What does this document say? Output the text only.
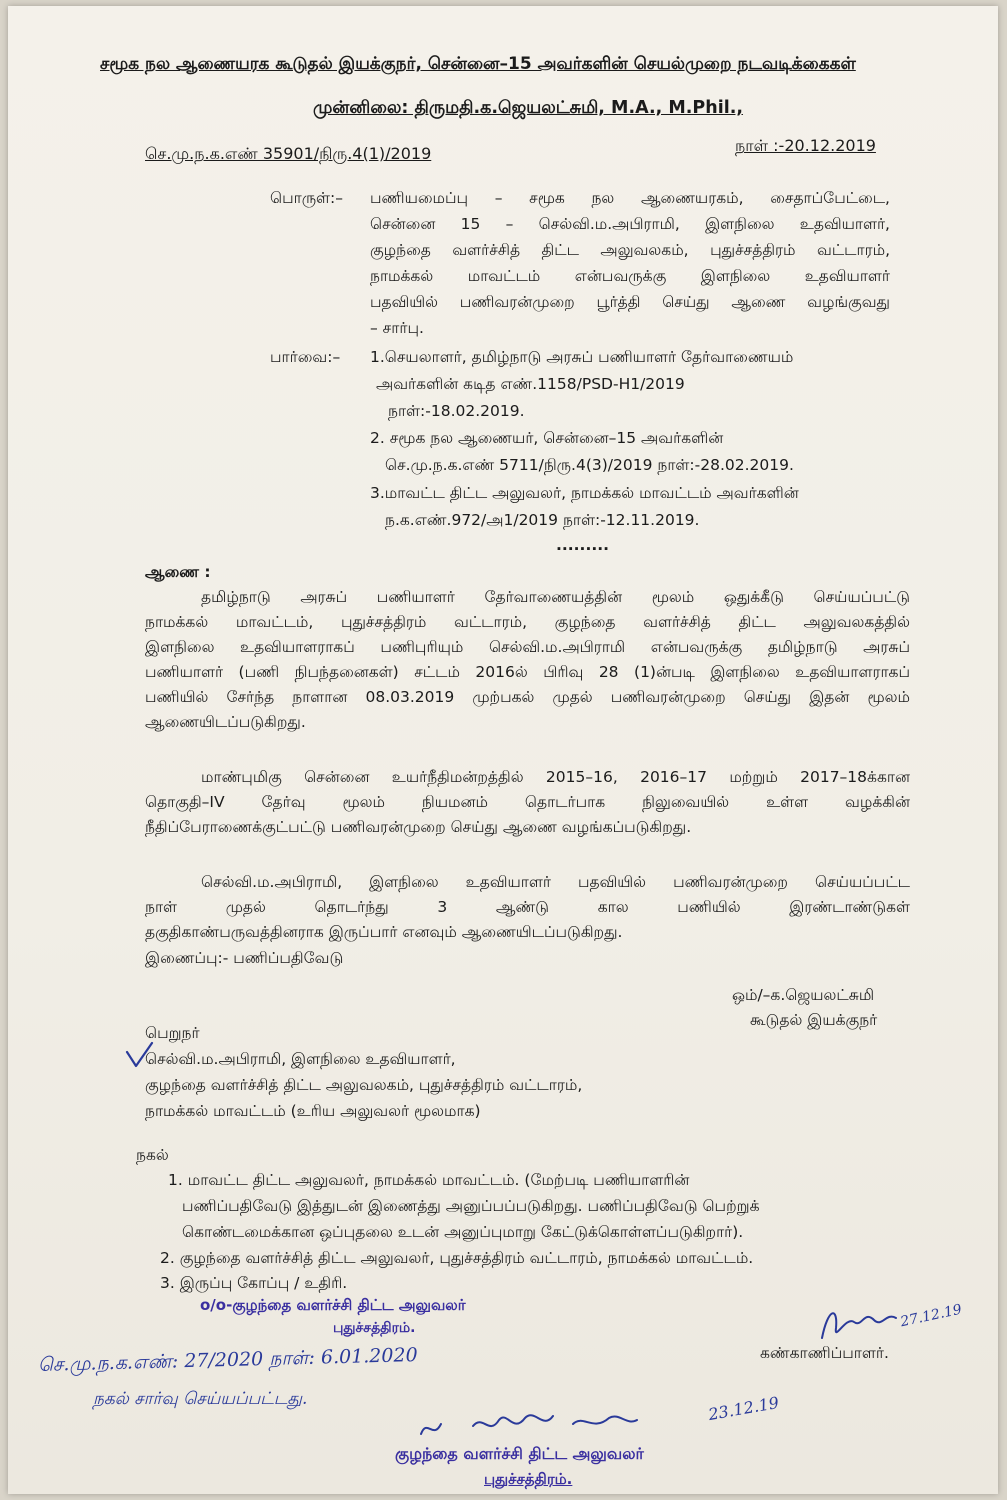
சமூக நல ஆணையரக கூடுதல் இயக்குநர், சென்னை–15 அவர்களின் செயல்முறை நடவடிக்கைகள்
முன்னிலை: திருமதி.க.ஜெயலட்சுமி, M.A., M.Phil.,
செ.மு.ந.க.எண் 35901/நிரு.4(1)/2019	நாள் :-20.12.2019
பொருள்:– பணியமைப்பு – சமூக நல ஆணையரகம், சைதாப்பேட்டை,
சென்னை 15 – செல்வி.ம.அபிராமி, இளநிலை உதவியாளர்,
குழந்தை வளர்ச்சித் திட்ட அலுவலகம், புதுச்சத்திரம் வட்டாரம்,
நாமக்கல் மாவட்டம் என்பவருக்கு இளநிலை உதவியாளர்
பதவியில் பணிவரன்முறை பூர்த்தி செய்து ஆணை வழங்குவது
– சார்பு.
பார்வை:– 1.செயலாளர், தமிழ்நாடு அரசுப் பணியாளர் தேர்வாணையம்
அவர்களின் கடித எண்.1158/PSD-H1/2019
நாள்:-18.02.2019.
2. சமூக நல ஆணையர், சென்னை–15 அவர்களின்
செ.மு.ந.க.எண் 5711/நிரு.4(3)/2019 நாள்:-28.02.2019.
3.மாவட்ட திட்ட அலுவலர், நாமக்கல் மாவட்டம் அவர்களின்
ந.க.எண்.972/அ1/2019 நாள்:-12.11.2019.
.........
ஆணை :
தமிழ்நாடு அரசுப் பணியாளர் தேர்வாணையத்தின் மூலம் ஒதுக்கீடு செய்யப்பட்டு
நாமக்கல் மாவட்டம், புதுச்சத்திரம் வட்டாரம், குழந்தை வளர்ச்சித் திட்ட அலுவலகத்தில்
இளநிலை உதவியாளராகப் பணிபுரியும் செல்வி.ம.அபிராமி என்பவருக்கு தமிழ்நாடு அரசுப்
பணியாளர் (பணி நிபந்தனைகள்) சட்டம் 2016ல் பிரிவு 28 (1)ன்படி இளநிலை உதவியாளராகப்
பணியில் சேர்ந்த நாளான 08.03.2019 முற்பகல் முதல் பணிவரன்முறை செய்து இதன் மூலம்
ஆணையிடப்படுகிறது.
மாண்புமிகு சென்னை உயர்நீதிமன்றத்தில் 2015–16, 2016–17 மற்றும் 2017–18க்கான
தொகுதி–IV தேர்வு மூலம் நியமனம் தொடர்பாக நிலுவையில் உள்ள வழக்கின்
நீதிப்பேராணைக்குட்பட்டு பணிவரன்முறை செய்து ஆணை வழங்கப்படுகிறது.
செல்வி.ம.அபிராமி, இளநிலை உதவியாளர் பதவியில் பணிவரன்முறை செய்யப்பட்ட
நாள் முதல் தொடர்ந்து 3 ஆண்டு கால பணியில் இரண்டாண்டுகள்
தகுதிகாண்பருவத்தினராக இருப்பார் எனவும் ஆணையிடப்படுகிறது.
இணைப்பு:- பணிப்பதிவேடு
ஒம்/–க.ஜெயலட்சுமி
கூடுதல் இயக்குநர்
பெறுநர்
செல்வி.ம.அபிராமி, இளநிலை உதவியாளர்,
குழந்தை வளர்ச்சித் திட்ட அலுவலகம், புதுச்சத்திரம் வட்டாரம்,
நாமக்கல் மாவட்டம் (உரிய அலுவலர் மூலமாக)
நகல்
1. மாவட்ட திட்ட அலுவலர், நாமக்கல் மாவட்டம். (மேற்படி பணியாளரின்
பணிப்பதிவேடு இத்துடன் இணைத்து அனுப்பப்படுகிறது. பணிப்பதிவேடு பெற்றுக்
கொண்டமைக்கான ஒப்புதலை உடன் அனுப்புமாறு கேட்டுக்கொள்ளப்படுகிறார்).
2. குழந்தை வளர்ச்சித் திட்ட அலுவலர், புதுச்சத்திரம் வட்டாரம், நாமக்கல் மாவட்டம்.
3. இருப்பு கோப்பு / உதிரி.
o/o-குழந்தை வளர்ச்சி திட்ட அலுவலர்
புதுச்சத்திரம்.
கண்காணிப்பாளர்.
27.12.19
செ.மு.ந.க.எண்: 27/2020 நாள்: 6.01.2020
நகல் சார்வு செய்யப்பட்டது.	23.12.19
குழந்தை வளர்ச்சி திட்ட அலுவலர்
புதுச்சத்திரம்.
